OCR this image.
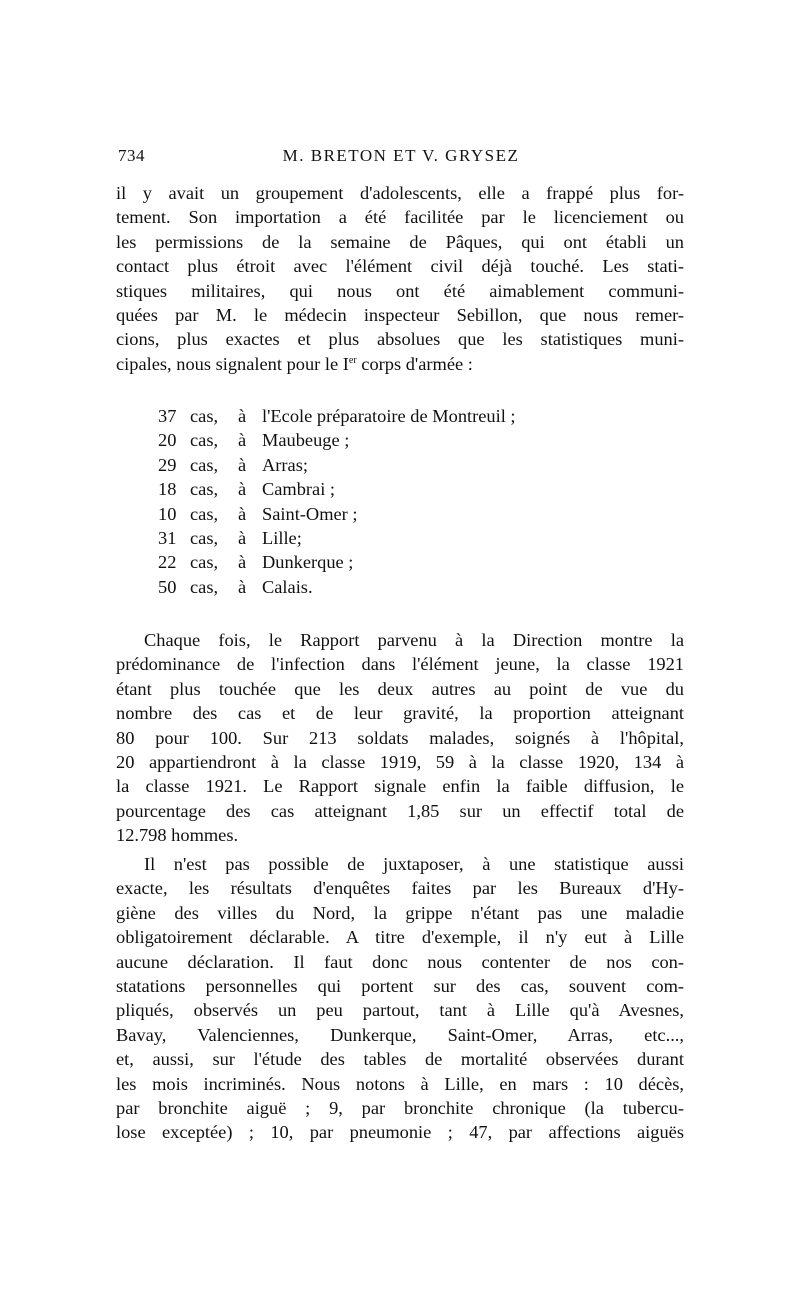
734	M. BRETON ET V. GRYSEZ
il y avait un groupement d'adolescents, elle a frappé plus for-
tement. Son importation a été facilitée par le licenciement ou
les permissions de la semaine de Pâques, qui ont établi un
contact plus étroit avec l'élément civil déjà touché. Les stati-
stiques militaires, qui nous ont été aimablement communi-
quées par M. le médecin inspecteur Sebillon, que nous remer-
cions, plus exactes et plus absolues que les statistiques muni-
cipales, nous signalent pour le Ier corps d'armée :
37 cas,	à l'Ecole préparatoire de Montreuil ;
20 cas,	à Maubeuge ;
29 cas,	à Arras;
18 cas,	à Cambrai ;
10 cas,	à Saint-Omer ;
31 cas,	à Lille;
22 cas,	à Dunkerque ;
50 cas,	à Calais.
Chaque fois, le Rapport parvenu à la Direction montre la
prédominance de l'infection dans l'élément jeune, la classe 1921
étant plus touchée que les deux autres au point de vue du
nombre des cas et de leur gravité, la proportion atteignant
80 pour 100. Sur 213 soldats malades, soignés à l'hôpital,
20 appartiendront à la classe 1919, 59 à la classe 1920, 134 à
la classe 1921. Le Rapport signale enfin la faible diffusion, le
pourcentage des cas atteignant 1,85 sur un effectif total de
12.798 hommes.
Il n'est pas possible de juxtaposer, à une statistique aussi
exacte, les résultats d'enquêtes faites par les Bureaux d'Hy-
giène des villes du Nord, la grippe n'étant pas une maladie
obligatoirement déclarable. A titre d'exemple, il n'y eut à Lille
aucune déclaration. Il faut donc nous contenter de nos con-
statations personnelles qui portent sur des cas, souvent com-
pliqués, observés un peu partout, tant à Lille qu'à Avesnes,
Bavay, Valenciennes, Dunkerque, Saint-Omer, Arras, etc...,
et, aussi, sur l'étude des tables de mortalité observées durant
les mois incriminés. Nous notons à Lille, en mars : 10 décès,
par bronchite aiguë ; 9, par bronchite chronique (la tubercu-
lose exceptée) ; 10, par pneumonie ; 47, par affections aiguës
